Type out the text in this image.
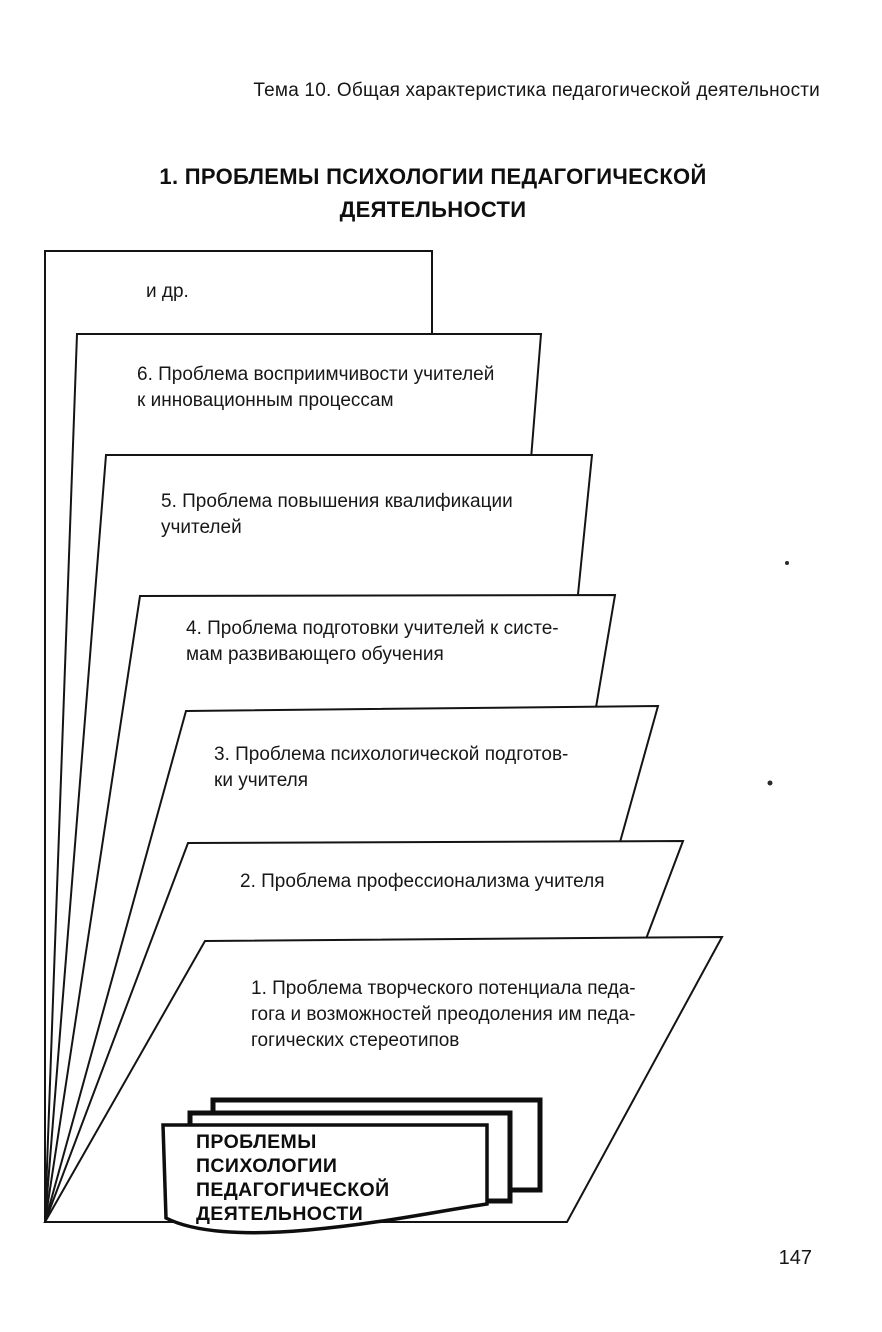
Тема 10. Общая характеристика педагогической деятельности
1. ПРОБЛЕМЫ ПСИХОЛОГИИ ПЕДАГОГИЧЕСКОЙ
ДЕЯТЕЛЬНОСТИ
и др.
6. Проблема восприимчивости учителей
к инновационным процессам
5. Проблема повышения квалификации
учителей
4. Проблема подготовки учителей к систе-
мам развивающего обучения
3. Проблема психологической подготов-
ки учителя
2. Проблема профессионализма учителя
1. Проблема творческого потенциала педа-
гога и возможностей преодоления им педа-
гогических стереотипов
ПРОБЛЕМЫ
ПСИХОЛОГИИ
ПЕДАГОГИЧЕСКОЙ
ДЕЯТЕЛЬНОСТИ
147
